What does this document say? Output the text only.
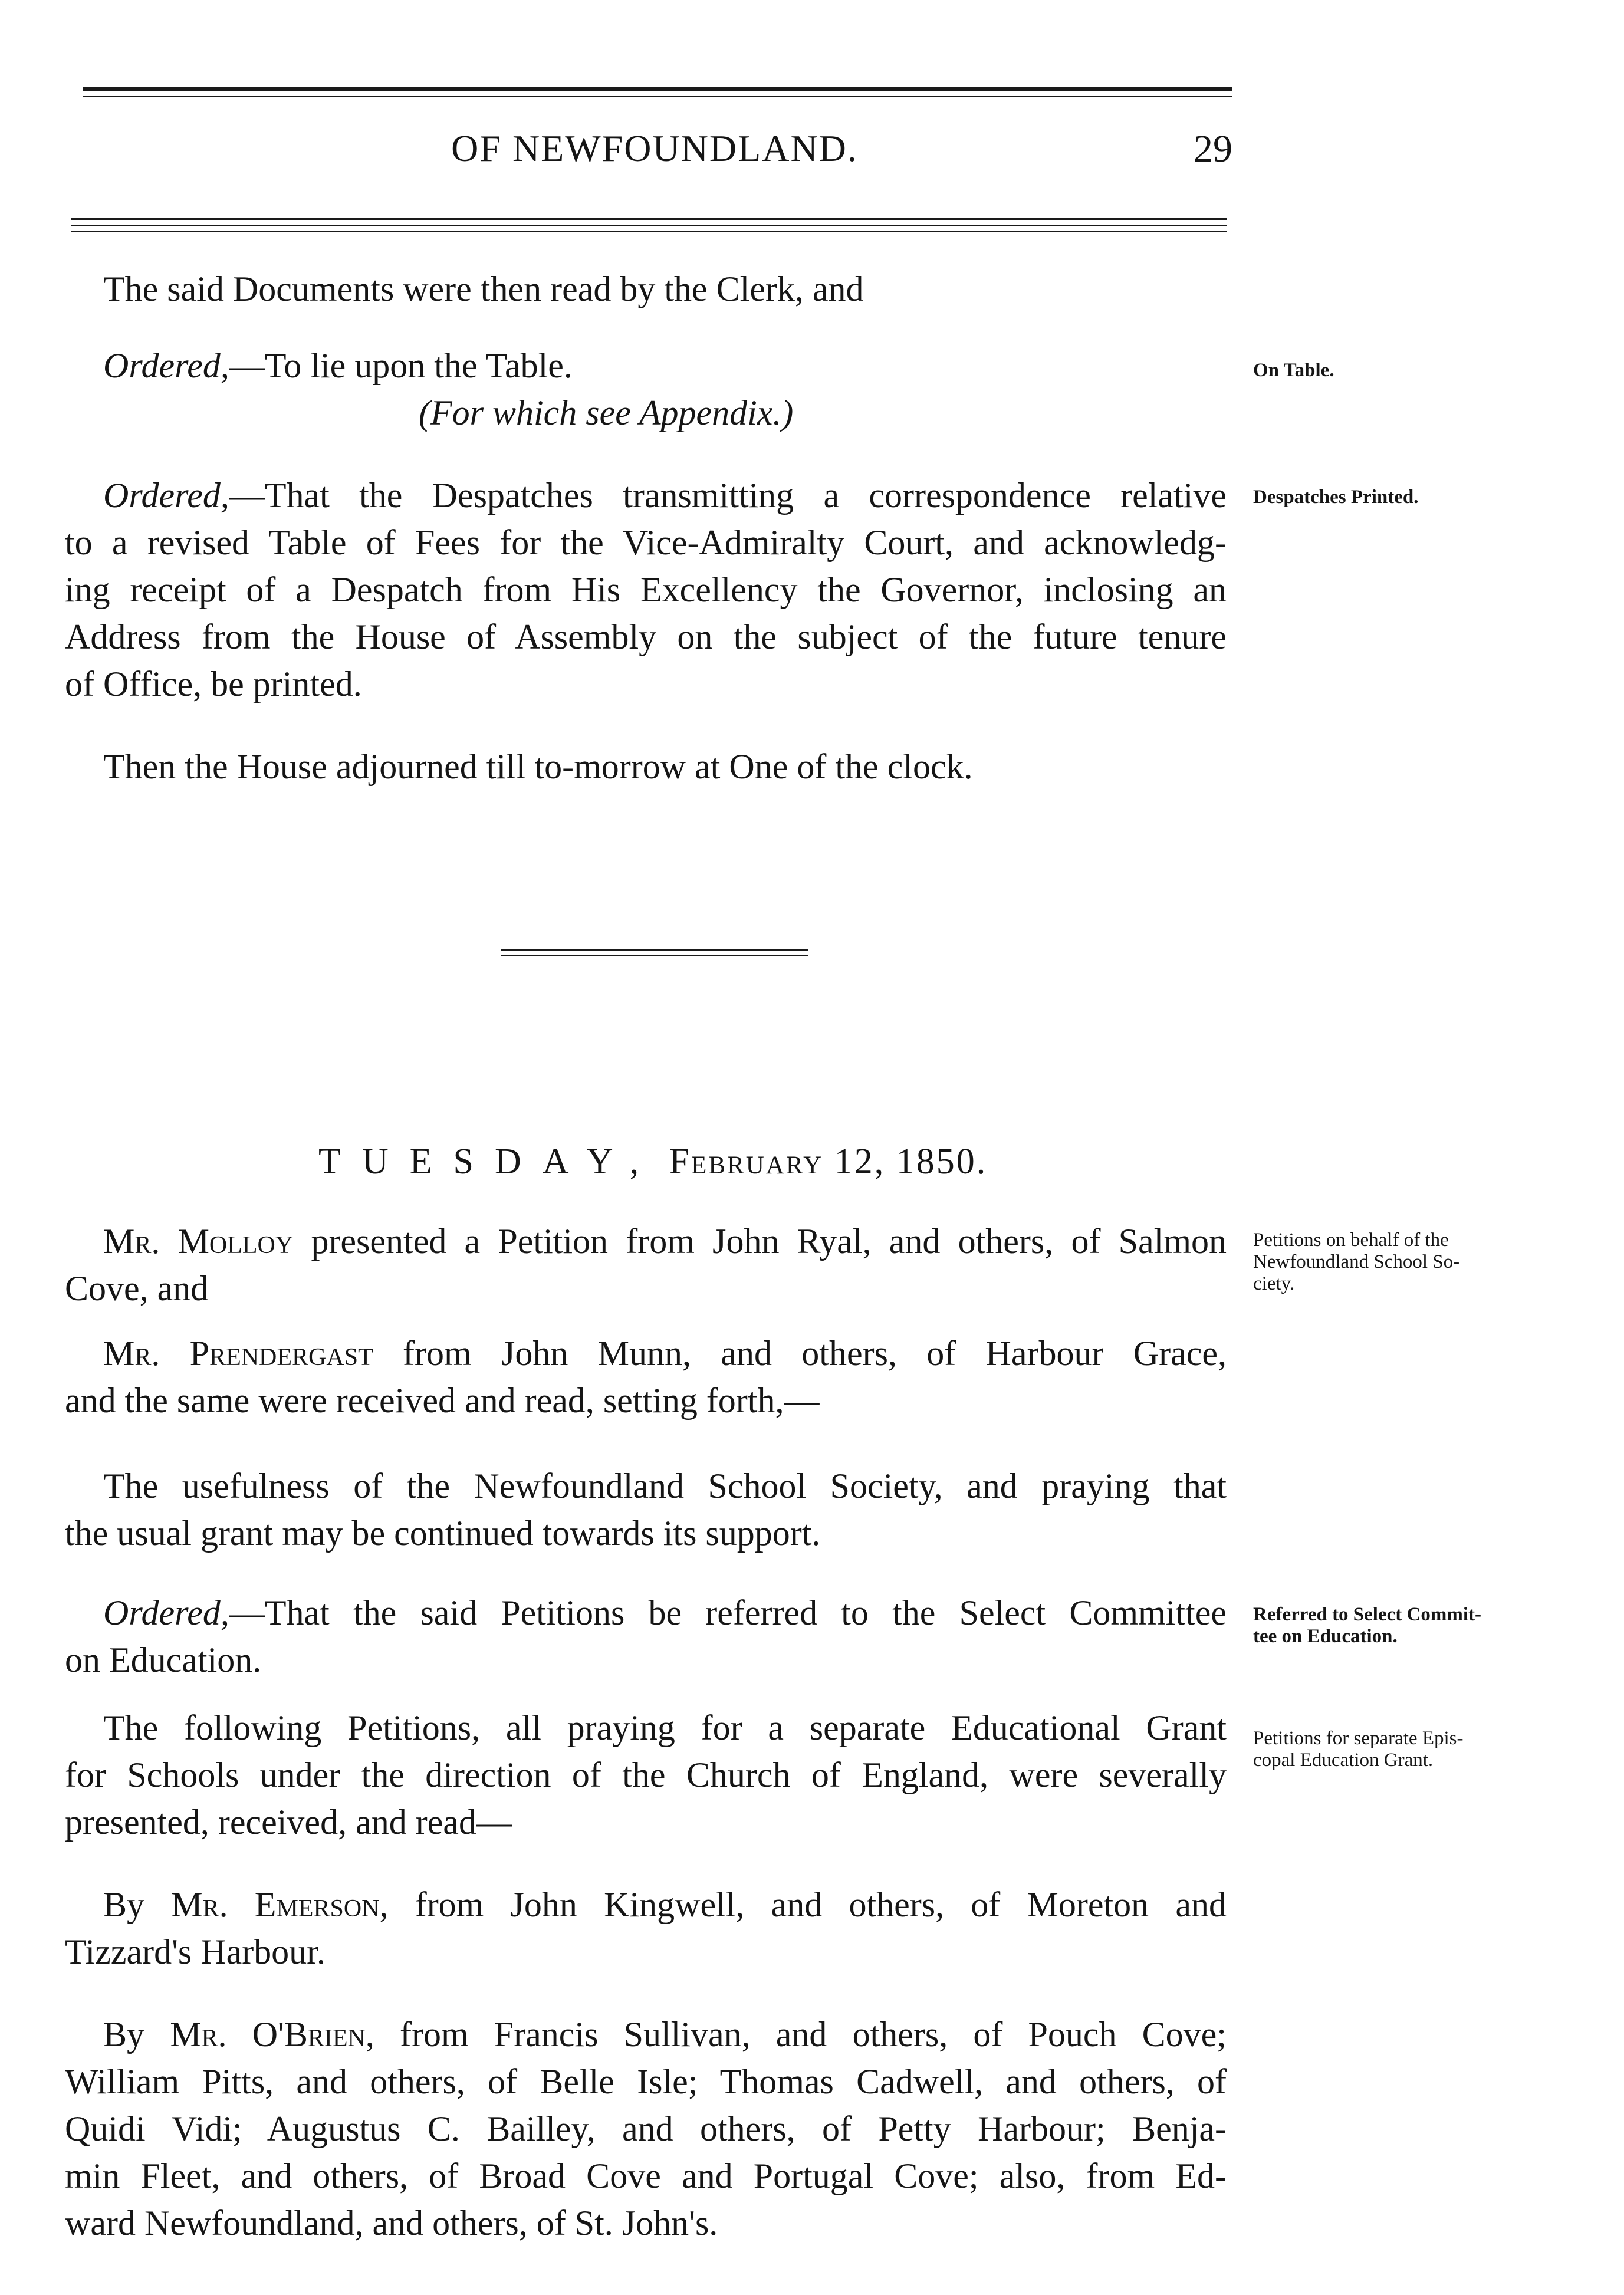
OF NEWFOUNDLAND.	29
The said Documents were then read by the Clerk, and
Ordered,—To lie upon the Table.
(For which see Appendix.)
Ordered,—That the Despatches transmitting a correspondence relative
to a revised Table of Fees for the Vice-Admiralty Court, and acknowledg-
ing receipt of a Despatch from His Excellency the Governor, inclosing an
Address from the House of Assembly on the subject of the future tenure
of Office, be printed.
Then the House adjourned till to-morrow at One of the clock.
On Table.
Despatches Printed.
TUESDAY, February 12, 1850.
Mr. Molloy presented a Petition from John Ryal, and others, of Salmon
Cove, and
Mr. Prendergast from John Munn, and others, of Harbour Grace,
and the same were received and read, setting forth,—
The usefulness of the Newfoundland School Society, and praying that
the usual grant may be continued towards its support.
Ordered,—That the said Petitions be referred to the Select Committee
on Education.
The following Petitions, all praying for a separate Educational Grant
for Schools under the direction of the Church of England, were severally
presented, received, and read—
By Mr. Emerson, from John Kingwell, and others, of Moreton and
Tizzard's Harbour.
By Mr. O'Brien, from Francis Sullivan, and others, of Pouch Cove;
William Pitts, and others, of Belle Isle; Thomas Cadwell, and others, of
Quidi Vidi; Augustus C. Bailley, and others, of Petty Harbour; Benja-
min Fleet, and others, of Broad Cove and Portugal Cove; also, from Ed-
ward Newfoundland, and others, of St. John's.
Petitions on behalf of the
Newfoundland School So-
ciety.
Referred to Select Commit-
tee on Education.
Petitions for separate Epis-
copal Education Grant.
